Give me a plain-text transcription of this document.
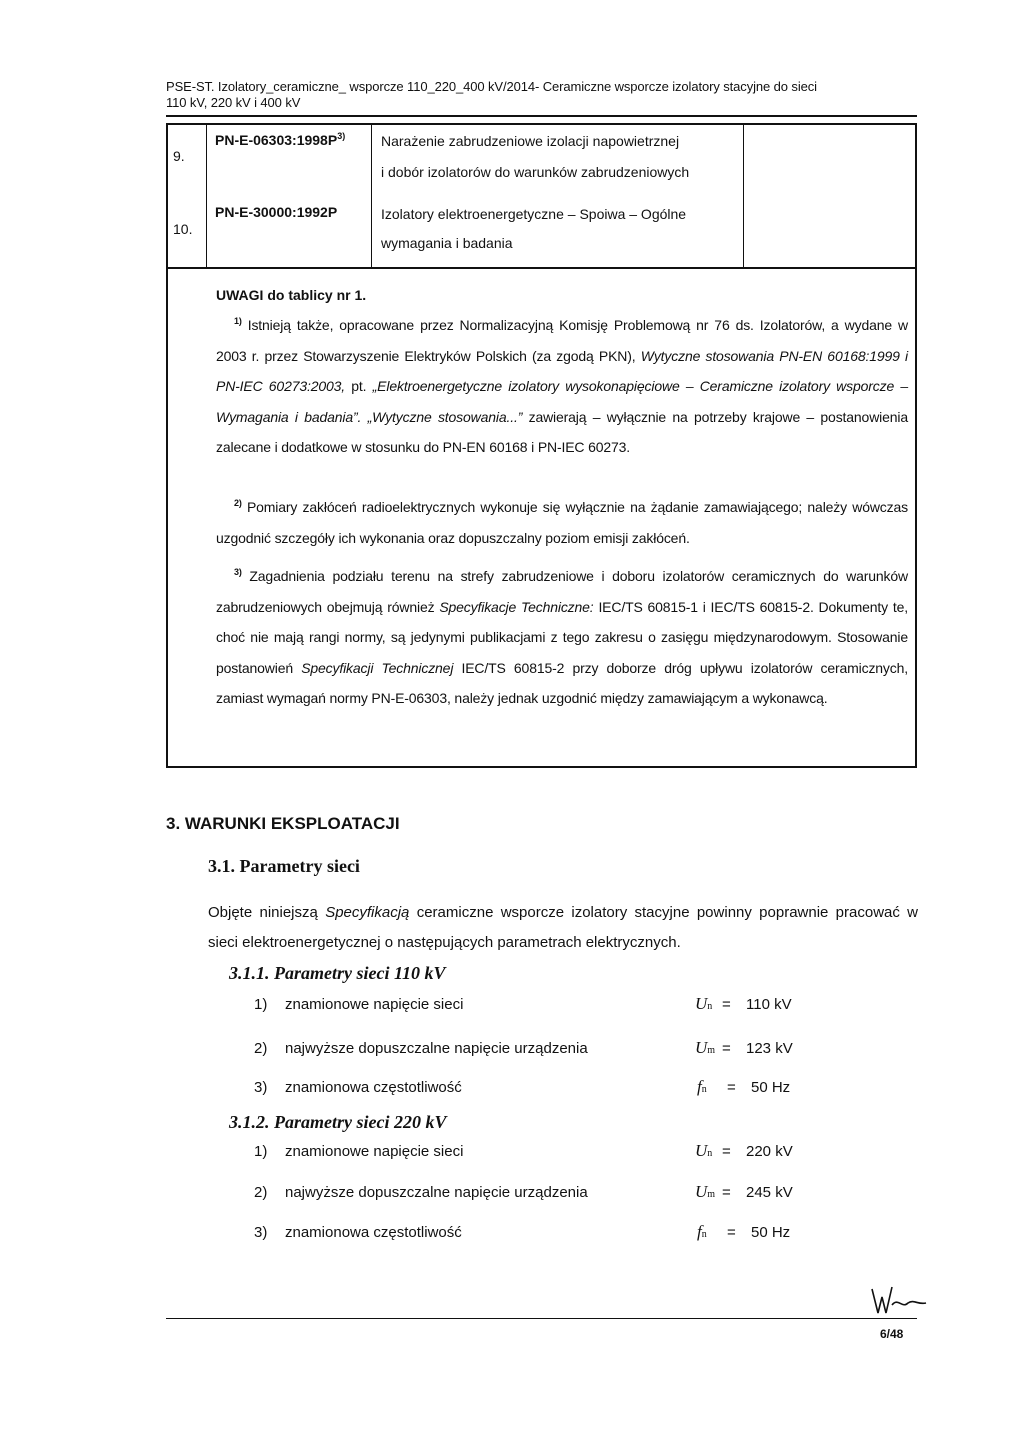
PSE-ST. Izolatory_ceramiczne_ wsporcze 110_220_400 kV/2014- Ceramiczne wsporcze izolatory stacyjne do sieci
110 kV, 220 kV i 400 kV
9.
$PN-E-06303:1998P^{3)}$	Narażenie zabrudzeniowe izolacji napowietrznej
i dobór izolatorów do warunków zabrudzeniowych
10.
PN-E-30000:1992P	Izolatory elektroenergetyczne – Spoiwa – Ogólne
wymagania i badania
UWAGI do tablicy nr 1.
$^{1)}$ Istnieją także, opracowane przez Normalizacyjną Komisję Problemową nr 76 ds. Izolatorów, a wydane w 2003 r. przez Stowarzyszenie Elektryków Polskich (za zgodą PKN), Wytyczne stosowania PN-EN 60168:1999 i PN-IEC 60273:2003, pt. „Elektroenergetyczne izolatory wysokonapięciowe – Ceramiczne izolatory wsporcze – Wymagania i badania”. „Wytyczne stosowania...” zawierają – wyłącznie na potrzeby krajowe – postanowienia zalecane i dodatkowe w stosunku do PN-EN 60168 i PN-IEC 60273.
$^{2)}$ Pomiary zakłóceń radioelektrycznych wykonuje się wyłącznie na żądanie zamawiającego; należy wówczas uzgodnić szczegóły ich wykonania oraz dopuszczalny poziom emisji zakłóceń.
$^{3)}$ Zagadnienia podziału terenu na strefy zabrudzeniowe i doboru izolatorów ceramicznych do warunków zabrudzeniowych obejmują również Specyfikacje Techniczne: IEC/TS 60815-1 i IEC/TS 60815-2. Dokumenty te, choć nie mają rangi normy, są jedynymi publikacjami z tego zakresu o zasięgu międzynarodowym. Stosowanie postanowień Specyfikacji Technicznej IEC/TS 60815-2 przy doborze dróg upływu izolatorów ceramicznych, zamiast wymagań normy PN-E-06303, należy jednak uzgodnić między zamawiającym a wykonawcą.
3. WARUNKI EKSPLOATACJI
3.1. Parametry sieci
Objęte niniejszą Specyfikacją ceramiczne wsporcze izolatory stacyjne powinny poprawnie pracować w sieci elektroenergetycznej o następujących parametrach elektrycznych.
3.1.1. Parametry sieci 110 kV
1) znamionowe napięcie sieci	Un = 110 kV
2) najwyższe dopuszczalne napięcie urządzenia	Um = 123 kV
3) znamionowa częstotliwość	fn = 50 Hz
3.1.2. Parametry sieci 220 kV
1) znamionowe napięcie sieci	Un = 220 kV
2) najwyższe dopuszczalne napięcie urządzenia	Um = 245 kV
3) znamionowa częstotliwość	fn = 50 Hz
6/48
